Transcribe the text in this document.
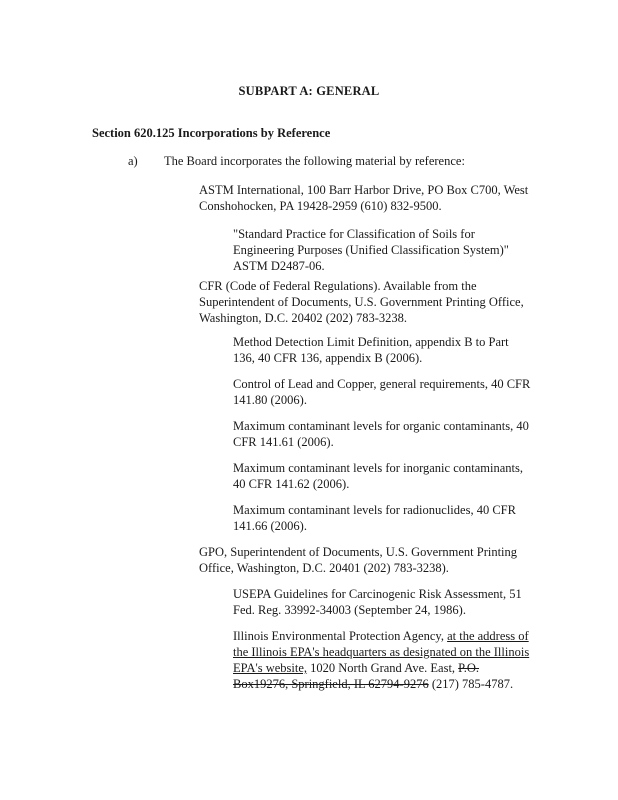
SUBPART A: GENERAL

Section 620.125 Incorporations by Reference

a) The Board incorporates the following material by reference:

ASTM International, 100 Barr Harbor Drive, PO Box C700, West Conshohocken, PA 19428-2959 (610) 832-9500.

"Standard Practice for Classification of Soils for Engineering Purposes (Unified Classification System)" ASTM D2487-06.

CFR (Code of Federal Regulations). Available from the Superintendent of Documents, U.S. Government Printing Office, Washington, D.C. 20402 (202) 783-3238.

Method Detection Limit Definition, appendix B to Part 136, 40 CFR 136, appendix B (2006).

Control of Lead and Copper, general requirements, 40 CFR 141.80 (2006).

Maximum contaminant levels for organic contaminants, 40 CFR 141.61 (2006).

Maximum contaminant levels for inorganic contaminants, 40 CFR 141.62 (2006).

Maximum contaminant levels for radionuclides, 40 CFR 141.66 (2006).

GPO, Superintendent of Documents, U.S. Government Printing Office, Washington, D.C. 20401 (202) 783-3238).

USEPA Guidelines for Carcinogenic Risk Assessment, 51 Fed. Reg. 33992-34003 (September 24, 1986).

Illinois Environmental Protection Agency, at the address of the Illinois EPA's headquarters as designated on the Illinois EPA's website, 1020 North Grand Ave. East, P.O. Box19276, Springfield, IL 62794-9276 (217) 785-4787.
